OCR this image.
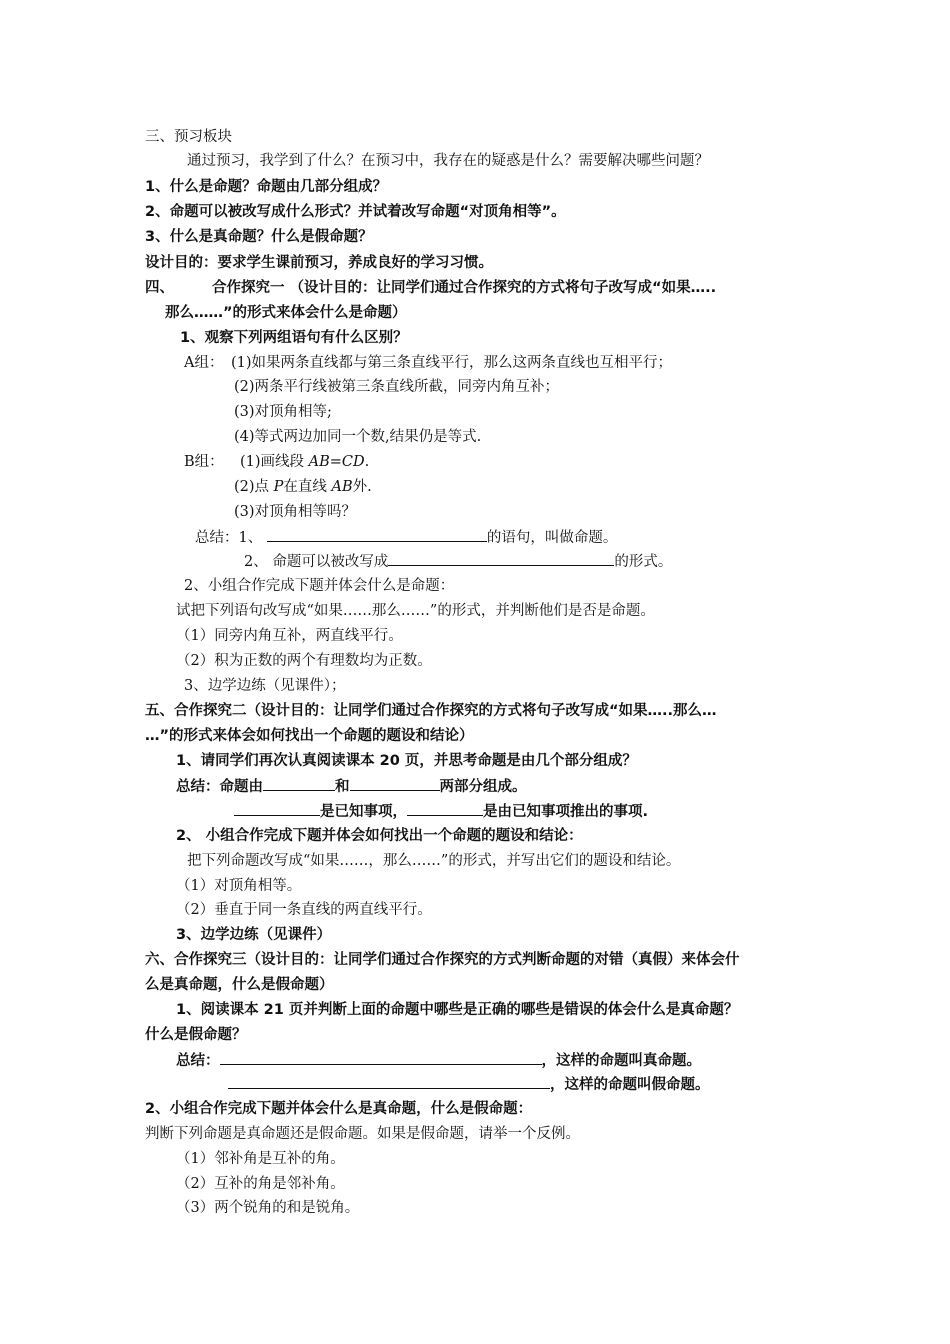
三、预习板块
通过预习，我学到了什么？在预习中，我存在的疑惑是什么？需要解决哪些问题？
1、什么是命题？命题由几部分组成？
2、命题可以被改写成什么形式？并试着改写命题“对顶角相等”。
3、什么是真命题？什么是假命题？
设计目的：要求学生课前预习，养成良好的学习习惯。
四、	合作探究一 （设计目的：让同学们通过合作探究的方式将句子改写成“如果…..
那么……”的形式来体会什么是命题）
1、观察下列两组语句有什么区别？
A组： (1)如果两条直线都与第三条直线平行，那么这两条直线也互相平行；
(2)两条平行线被第三条直线所截，同旁内角互补；
(3)对顶角相等;
(4)等式两边加同一个数,结果仍是等式.
B组： (1)画线段 AB=CD.
(2)点 P在直线 AB外.
(3)对顶角相等吗？
总结：1、	的语句，叫做命题。
2、 命题可以被改写成	的形式。
2、小组合作完成下题并体会什么是命题：
试把下列语句改写成“如果……那么……”的形式，并判断他们是否是命题。
（1）同旁内角互补，两直线平行。
（2）积为正数的两个有理数均为正数。
3、边学边练（见课件）；
五、合作探究二（设计目的：让同学们通过合作探究的方式将句子改写成“如果…..那么…
…”的形式来体会如何找出一个命题的题设和结论）
1、请同学们再次认真阅读课本 20 页，并思考命题是由几个部分组成？
总结：命题由	和	两部分组成。
是已知事项，	是由已知事项推出的事项.
2、 小组合作完成下题并体会如何找出一个命题的题设和结论：
把下列命题改写成“如果……，那么……”的形式，并写出它们的题设和结论。
（1）对顶角相等。
（2）垂直于同一条直线的两直线平行。
3、边学边练（见课件）
六、合作探究三（设计目的：让同学们通过合作探究的方式判断命题的对错（真假）来体会什
么是真命题，什么是假命题）
1、阅读课本 21 页并判断上面的命题中哪些是正确的哪些是错误的体会什么是真命题？
什么是假命题？
总结：	，这样的命题叫真命题。
，这样的命题叫假命题。
2、小组合作完成下题并体会什么是真命题，什么是假命题：
判断下列命题是真命题还是假命题。如果是假命题，请举一个反例。
（1）邻补角是互补的角。
（2）互补的角是邻补角。
（3）两个锐角的和是锐角。
